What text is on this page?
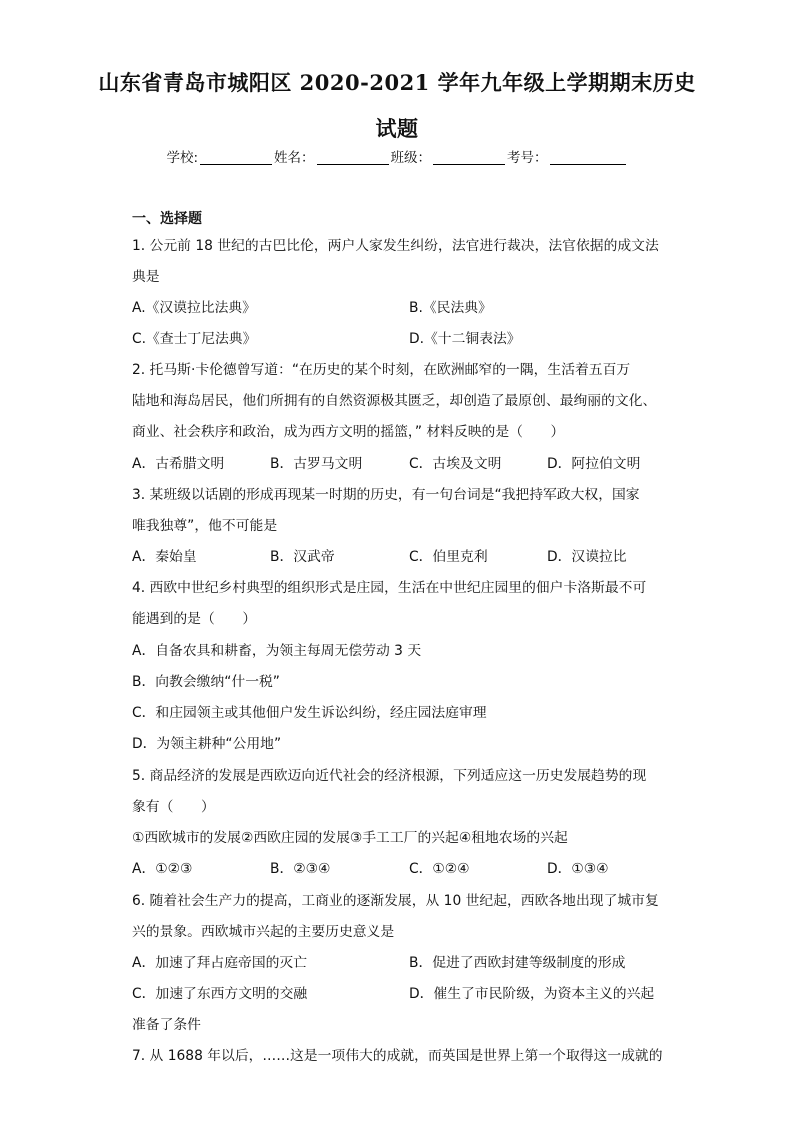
山东省青岛市城阳区 2020-2021 学年九年级上学期期末历史
试题
学校:	姓名：	班级：	考号：
一、选择题
1. 公元前 18 世纪的古巴比伦，两户人家发生纠纷，法官进行裁决，法官依据的成文法
典是
A.《汉谟拉比法典》	B.《民法典》
C.《查士丁尼法典》	D.《十二铜表法》
2. 托马斯·卡伦德曾写道：“在历史的某个时刻，在欧洲邮窄的一隅，生活着五百万
陆地和海岛居民，他们所拥有的自然资源极其匮乏，却创造了最原创、最绚丽的文化、
商业、社会秩序和政治，成为西方文明的摇篮，” 材料反映的是（　　）
A．古希腊文明	B．古罗马文明	C．古埃及文明	D．阿拉伯文明
3. 某班级以话剧的形成再现某一时期的历史，有一句台词是“我把持军政大权，国家
唯我独尊”，他不可能是
A．秦始皇	B．汉武帝	C．伯里克利	D．汉谟拉比
4. 西欧中世纪乡村典型的组织形式是庄园，生活在中世纪庄园里的佃户卡洛斯最不可
能遇到的是（　　）
A．自备农具和耕畜，为领主每周无偿劳动 3 天
B．向教会缴纳“什一税”
C．和庄园领主或其他佃户发生诉讼纠纷，经庄园法庭审理
D．为领主耕种“公用地”
5. 商品经济的发展是西欧迈向近代社会的经济根源，下列适应这一历史发展趋势的现
象有（　　）
①西欧城市的发展②西欧庄园的发展③手工工厂的兴起④租地农场的兴起
A．①②③	B．②③④	C．①②④	D．①③④
6. 随着社会生产力的提高，工商业的逐渐发展，从 10 世纪起，西欧各地出现了城市复
兴的景象。西欧城市兴起的主要历史意义是
A．加速了拜占庭帝国的灭亡	B．促进了西欧封建等级制度的形成
C．加速了东西方文明的交融	D．催生了市民阶级，为资本主义的兴起
准备了条件
7. 从 1688 年以后，……这是一项伟大的成就，而英国是世界上第一个取得这一成就的
